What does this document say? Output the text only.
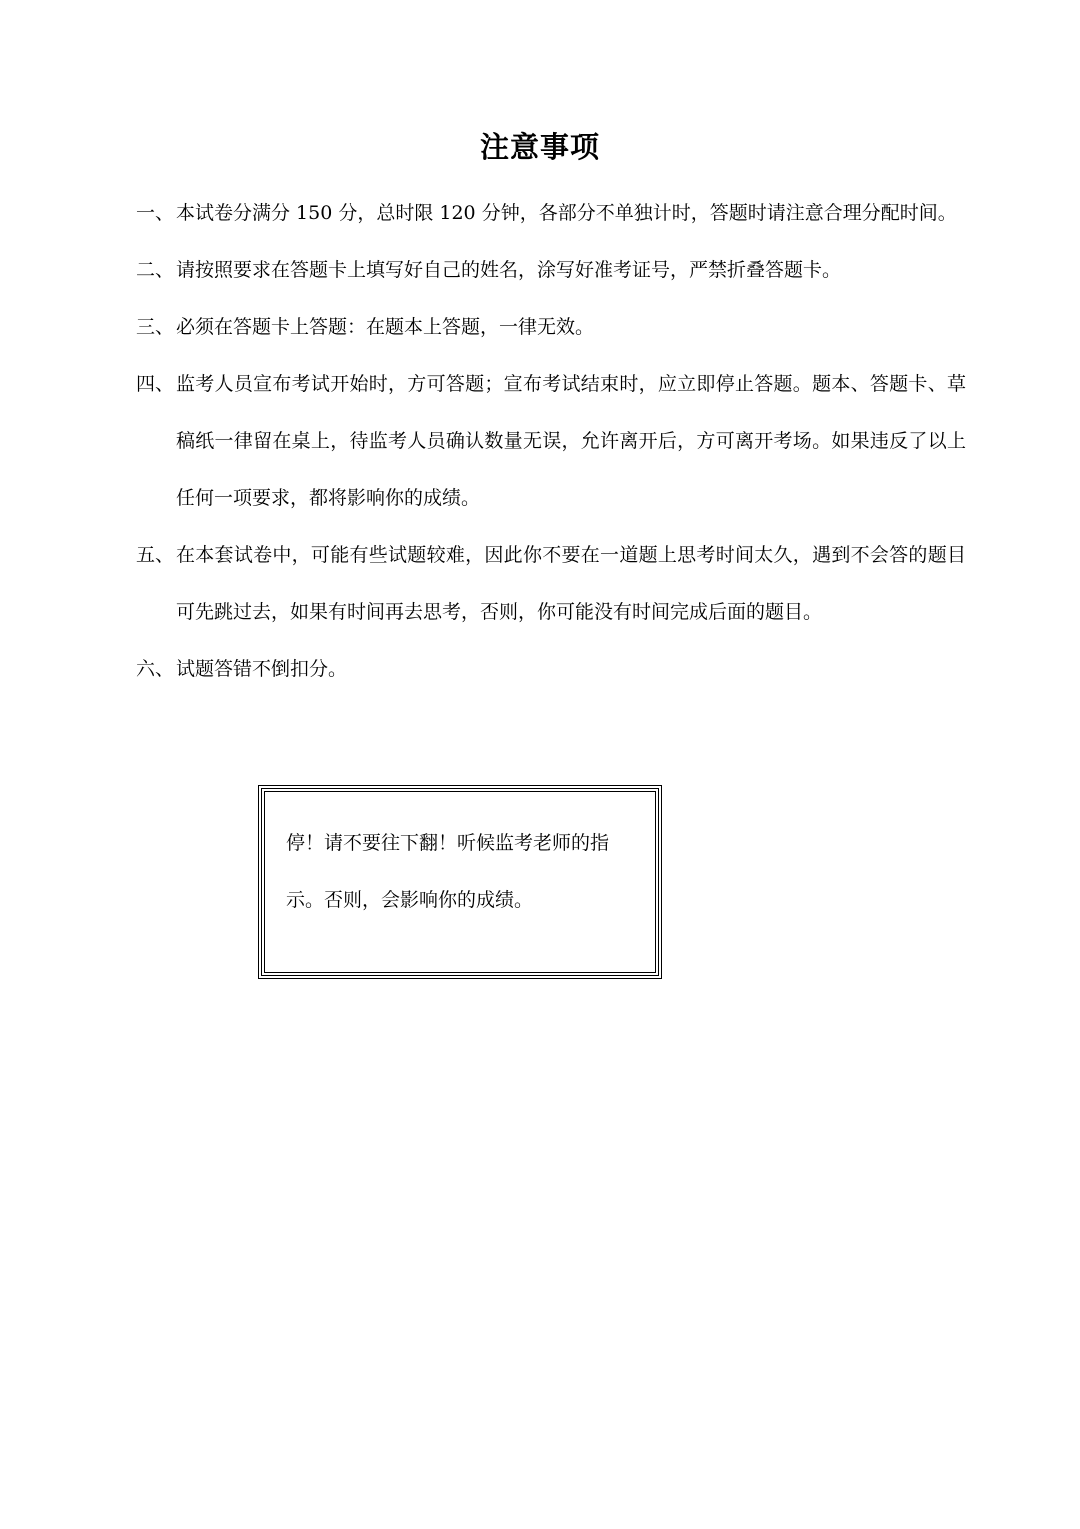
注意事项
一、 本试卷分满分 150 分，总时限 120 分钟，各部分不单独计时，答题时请注意合理分配时间。
二、 请按照要求在答题卡上填写好自己的姓名，涂写好准考证号，严禁折叠答题卡。
三、 必须在答题卡上答题：在题本上答题，一律无效。
四、 监考人员宣布考试开始时，方可答题；宣布考试结束时，应立即停止答题。题本、答题卡、草稿纸一律留在桌上，待监考人员确认数量无误，允许离开后，方可离开考场。如果违反了以上任何一项要求，都将影响你的成绩。
五、 在本套试卷中，可能有些试题较难，因此你不要在一道题上思考时间太久，遇到不会答的题目可先跳过去，如果有时间再去思考，否则，你可能没有时间完成后面的题目。
六、 试题答错不倒扣分。

停！请不要往下翻！听候监考老师的指示。否则，会影响你的成绩。
